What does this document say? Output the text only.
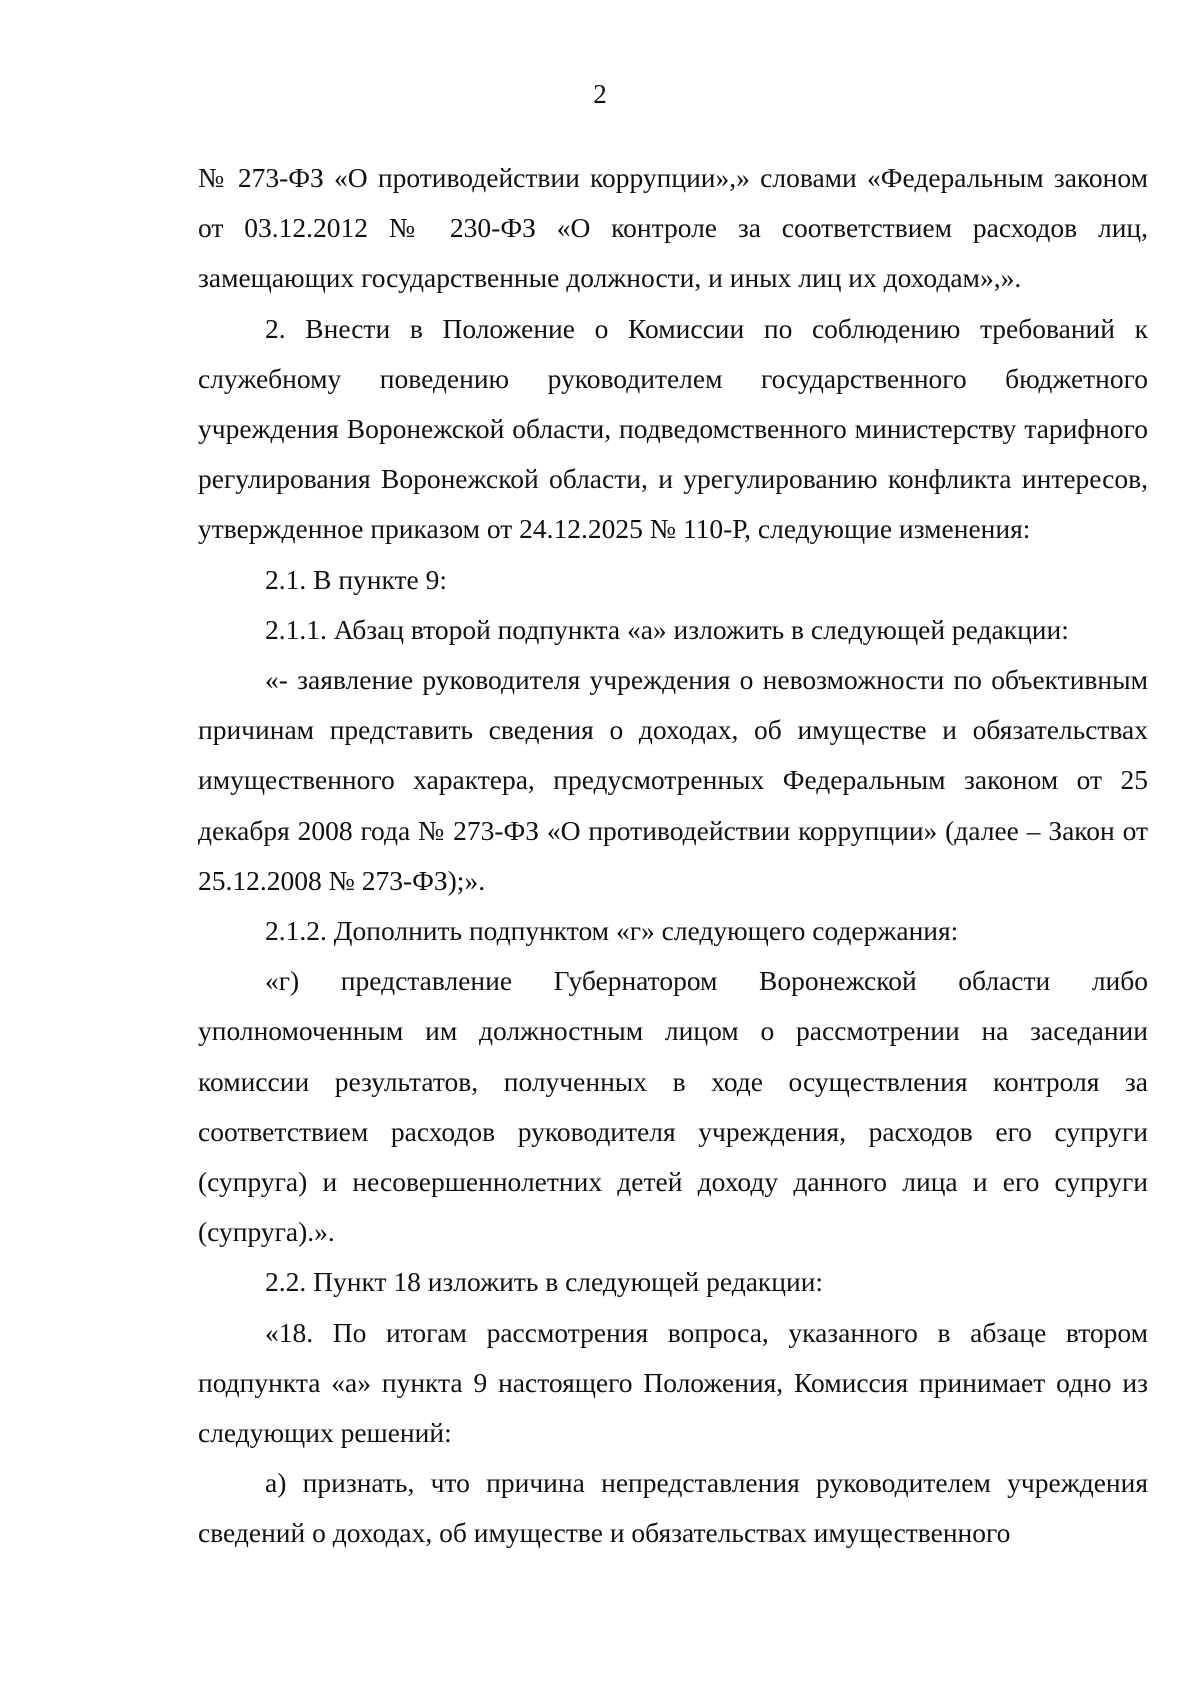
2

№ 273-ФЗ «О противодействии коррупции»,» словами «Федеральным законом от 03.12.2012 № 230-ФЗ «О контроле за соответствием расходов лиц, замещающих государственные должности, и иных лиц их доходам»,».

2. Внести в Положение о Комиссии по соблюдению требований к служебному поведению руководителем государственного бюджетного учреждения Воронежской области, подведомственного министерству тарифного регулирования Воронежской области, и урегулированию конфликта интересов, утвержденное приказом от 24.12.2025 № 110-Р, следующие изменения:

2.1. В пункте 9:

2.1.1. Абзац второй подпункта «а» изложить в следующей редакции:

«- заявление руководителя учреждения о невозможности по объективным причинам представить сведения о доходах, об имуществе и обязательствах имущественного характера, предусмотренных Федеральным законом от 25 декабря 2008 года № 273-ФЗ «О противодействии коррупции» (далее – Закон от 25.12.2008 № 273-ФЗ);».

2.1.2. Дополнить подпунктом «г» следующего содержания:

«г) представление Губернатором Воронежской области либо уполномоченным им должностным лицом о рассмотрении на заседании комиссии результатов, полученных в ходе осуществления контроля за соответствием расходов руководителя учреждения, расходов его супруги (супруга) и несовершеннолетних детей доходу данного лица и его супруги (супруга).».

2.2. Пункт 18 изложить в следующей редакции:

«18. По итогам рассмотрения вопроса, указанного в абзаце втором подпункта «а» пункта 9 настоящего Положения, Комиссия принимает одно из следующих решений:

а) признать, что причина непредставления руководителем учреждения сведений о доходах, об имуществе и обязательствах имущественного
